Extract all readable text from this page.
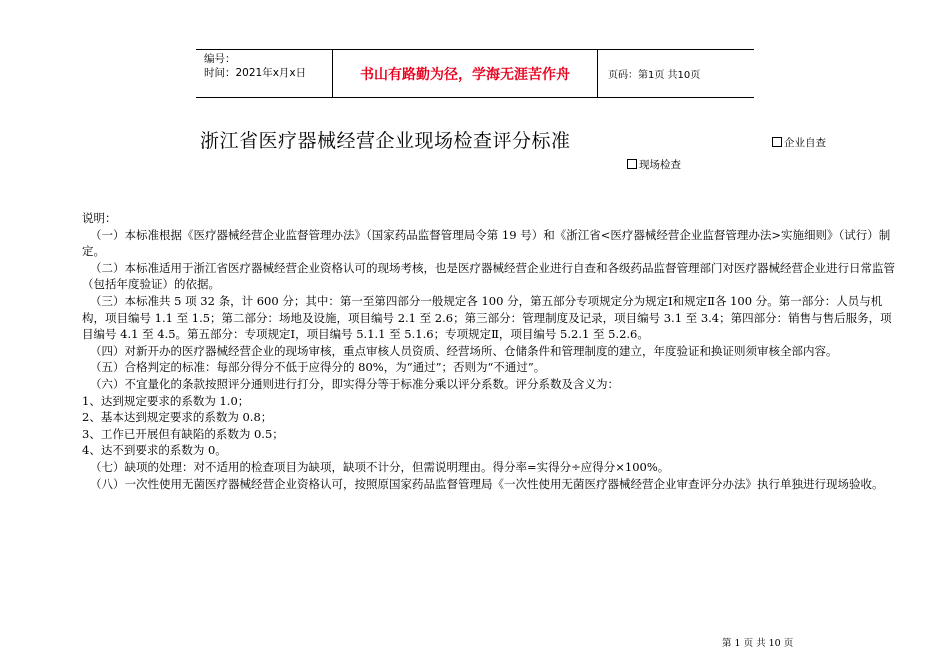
编号：
时间：2021年x月x日	书山有路勤为径，学海无涯苦作舟	页码：第1页 共10页
浙江省医疗器械经营企业现场检查评分标准	企业自查
现场检查

说明：

（一）本标准根据《医疗器械经营企业监督管理办法》（国家药品监督管理局令第 19 号）和《浙江省<医疗器械经营企业监督管理办法>实施细则》（试行）制定。

（二）本标准适用于浙江省医疗器械经营企业资格认可的现场考核，也是医疗器械经营企业进行自查和各级药品监督管理部门对医疗器械经营企业进行日常监管（包括年度验证）的依据。

（三）本标准共 5 项 32 条，计 600 分；其中：第一至第四部分一般规定各 100 分，第五部分专项规定分为规定Ⅰ和规定Ⅱ各 100 分。第一部分：人员与机构，项目编号 1.1 至 1.5；第二部分：场地及设施，项目编号 2.1 至 2.6；第三部分：管理制度及记录，项目编号 3.1 至 3.4；第四部分：销售与售后服务，项目编号 4.1 至 4.5。第五部分：专项规定Ⅰ，项目编号 5.1.1 至 5.1.6；专项规定Ⅱ，项目编号 5.2.1 至 5.2.6。

（四）对新开办的医疗器械经营企业的现场审核，重点审核人员资质、经营场所、仓储条件和管理制度的建立，年度验证和换证则须审核全部内容。

（五）合格判定的标准：每部分得分不低于应得分的 80%，为“通过”；否则为“不通过”。

（六）不宜量化的条款按照评分通则进行打分，即实得分等于标准分乘以评分系数。评分系数及含义为：

1、达到规定要求的系数为 1.0；

2、基本达到规定要求的系数为 0.8；

3、工作已开展但有缺陷的系数为 0.5；

4、达不到要求的系数为 0。

（七）缺项的处理：对不适用的检查项目为缺项，缺项不计分，但需说明理由。得分率=实得分÷应得分×100%。

（八）一次性使用无菌医疗器械经营企业资格认可，按照原国家药品监督管理局《一次性使用无菌医疗器械经营企业审查评分办法》执行单独进行现场验收。

第 1 页 共 10 页
